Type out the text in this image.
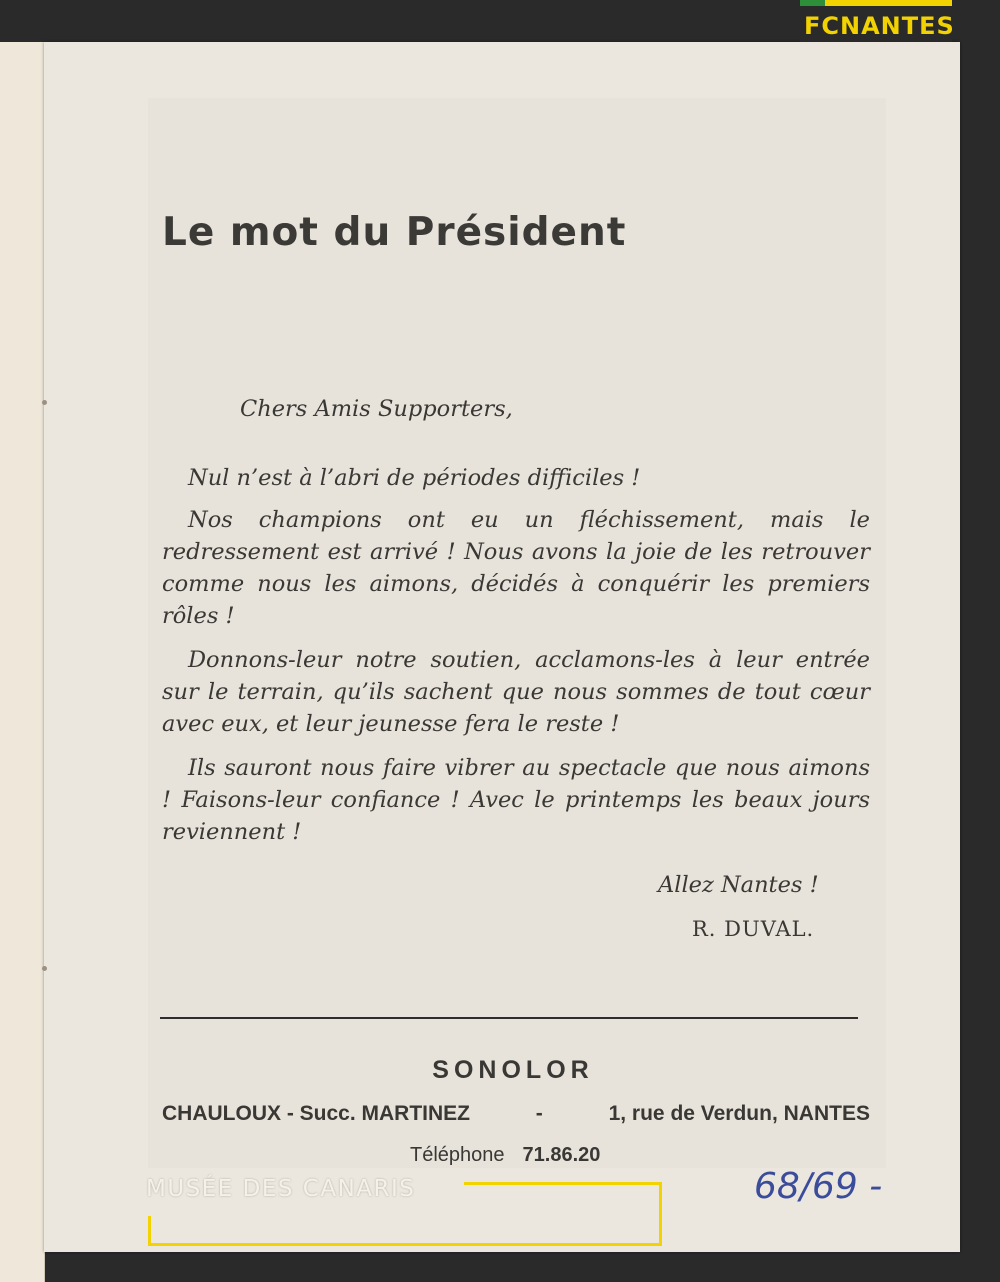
FCNANTES
Le mot du Président
Chers Amis Supporters,

Nul n’est à l’abri de périodes difficiles !

Nos champions ont eu un fléchissement, mais le redressement est arrivé ! Nous avons la joie de les retrouver comme nous les aimons, décidés à conquérir les premiers rôles !

Donnons-leur notre soutien, acclamons-les à leur entrée sur le terrain, qu’ils sachent que nous sommes de tout cœur avec eux, et leur jeunesse fera le reste !

Ils sauront nous faire vibrer au spectacle que nous aimons ! Faisons-leur confiance ! Avec le printemps les beaux jours reviennent !

Allez Nantes !
R. DUVAL.
SONOLOR
CHAULOUX - Succ. MARTINEZ	-	1, rue de Verdun, NANTES
Téléphone 71.86.20
68/69 -
MUSÉE DES CANARIS
